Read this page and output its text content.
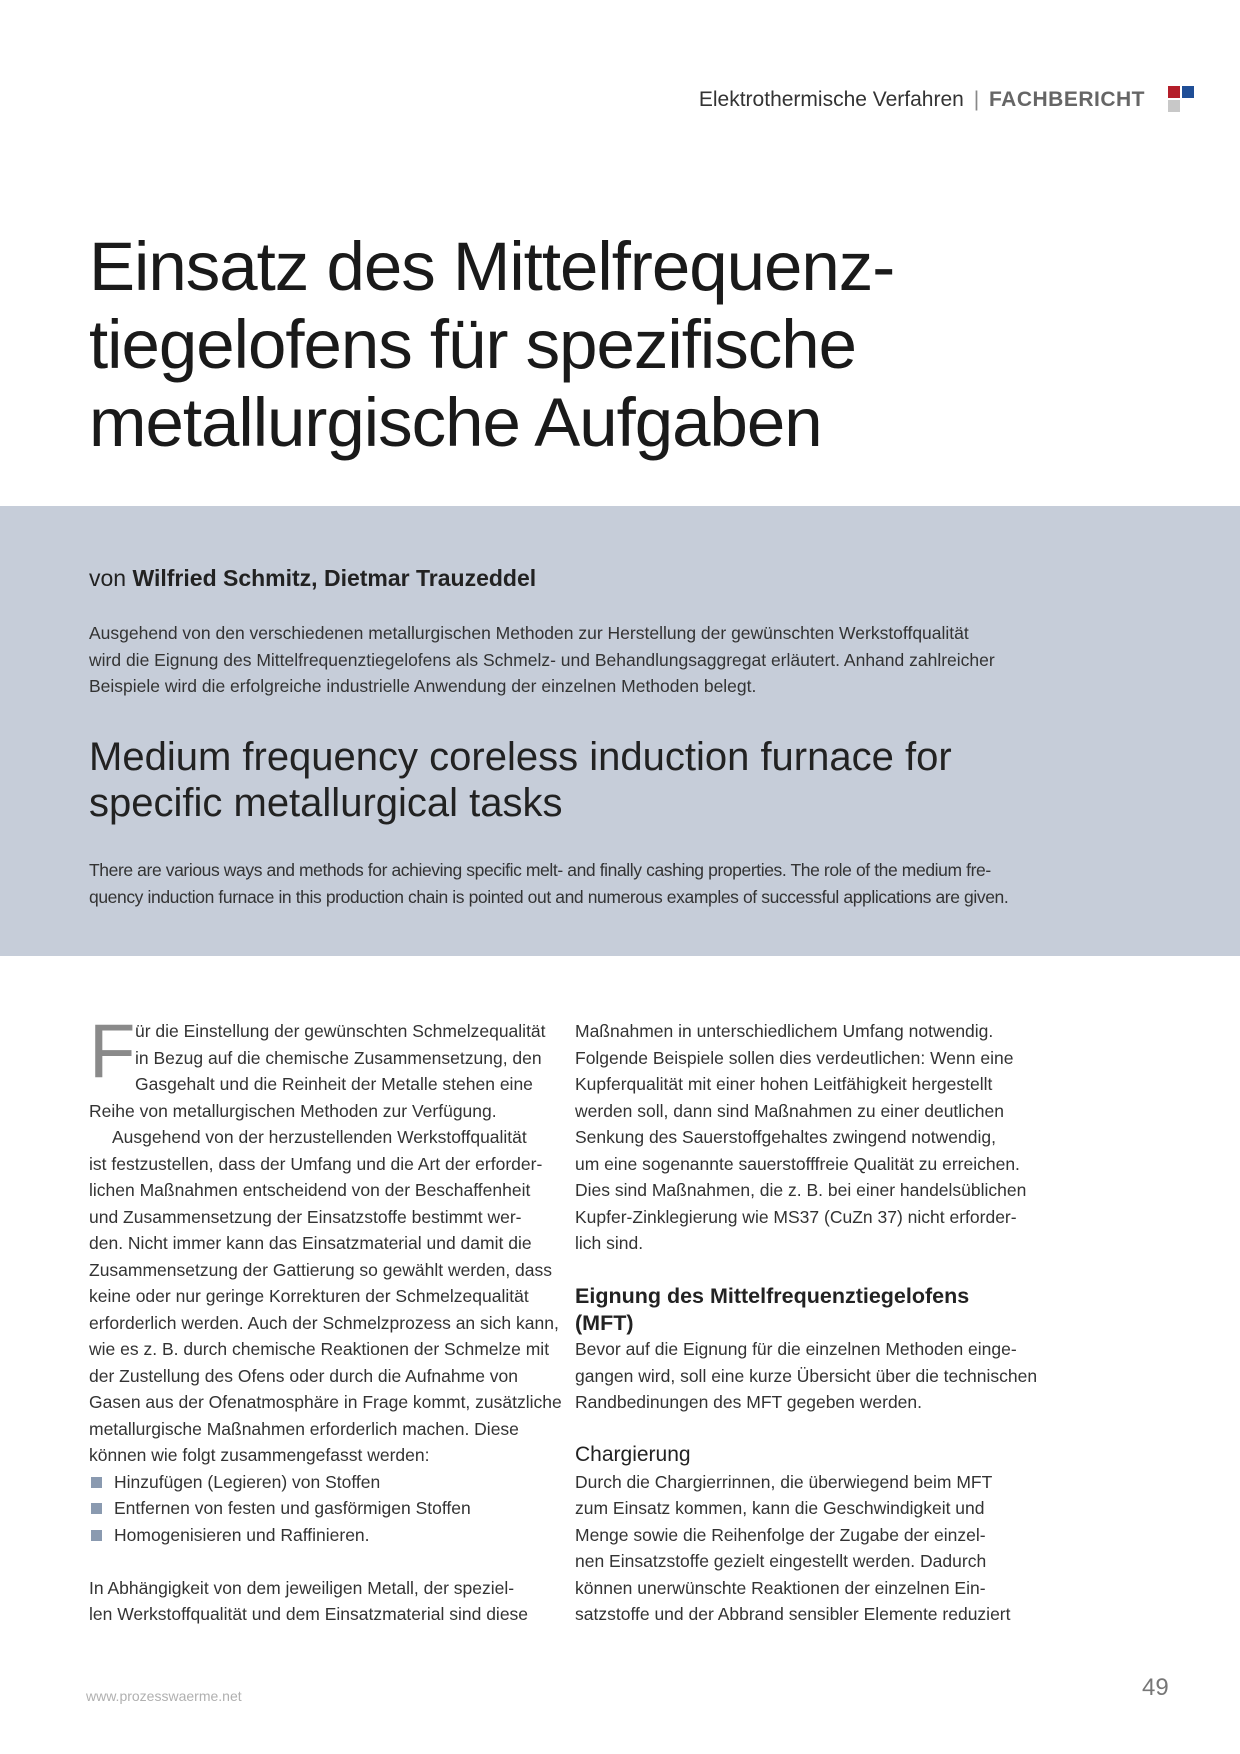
Elektrothermische Verfahren | FACHBERICHT
Einsatz des Mittelfrequenz-
tiegelofens für spezifische
metallurgische Aufgaben
von Wilfried Schmitz, Dietmar Trauzeddel

Ausgehend von den verschiedenen metallurgischen Methoden zur Herstellung der gewünschten Werkstoffqualität
wird die Eignung des Mittelfrequenztiegelofens als Schmelz- und Behandlungsaggregat erläutert. Anhand zahlreicher
Beispiele wird die erfolgreiche industrielle Anwendung der einzelnen Methoden belegt.

Medium frequency coreless induction furnace for
specific metallurgical tasks

There are various ways and methods for achieving specific melt- and finally cashing properties. The role of the medium fre-
quency induction furnace in this production chain is pointed out and numerous examples of successful applications are given.

F ür die Einstellung der gewünschten Schmelzequalität
in Bezug auf die chemische Zusammensetzung, den
Gasgehalt und die Reinheit der Metalle stehen eine
Reihe von metallurgischen Methoden zur Verfügung.
Ausgehend von der herzustellenden Werkstoffqualität
ist festzustellen, dass der Umfang und die Art der erforder-
lichen Maßnahmen entscheidend von der Beschaffenheit
und Zusammensetzung der Einsatzstoffe bestimmt wer-
den. Nicht immer kann das Einsatzmaterial und damit die
Zusammensetzung der Gattierung so gewählt werden, dass
keine oder nur geringe Korrekturen der Schmelzequalität
erforderlich werden. Auch der Schmelzprozess an sich kann,
wie es z. B. durch chemische Reaktionen der Schmelze mit
der Zustellung des Ofens oder durch die Aufnahme von
Gasen aus der Ofenatmosphäre in Frage kommt, zusätzliche
metallurgische Maßnahmen erforderlich machen. Diese
können wie folgt zusammengefasst werden:
Hinzufügen (Legieren) von Stoffen
Entfernen von festen und gasförmigen Stoffen
Homogenisieren und Raffinieren.
In Abhängigkeit von dem jeweiligen Metall, der speziel-
len Werkstoffqualität und dem Einsatzmaterial sind diese
Maßnahmen in unterschiedlichem Umfang notwendig.
Folgende Beispiele sollen dies verdeutlichen: Wenn eine
Kupferqualität mit einer hohen Leitfähigkeit hergestellt
werden soll, dann sind Maßnahmen zu einer deutlichen
Senkung des Sauerstoffgehaltes zwingend notwendig,
um eine sogenannte sauerstofffreie Qualität zu erreichen.
Dies sind Maßnahmen, die z. B. bei einer handelsüblichen
Kupfer-Zinklegierung wie MS37 (CuZn 37) nicht erforder-
lich sind.
Eignung des Mittelfrequenztiegelofens
(MFT)
Bevor auf die Eignung für die einzelnen Methoden einge-
gangen wird, soll eine kurze Übersicht über die technischen
Randbedinungen des MFT gegeben werden.
Chargierung
Durch die Chargierrinnen, die überwiegend beim MFT
zum Einsatz kommen, kann die Geschwindigkeit und
Menge sowie die Reihenfolge der Zugabe der einzel-
nen Einsatzstoffe gezielt eingestellt werden. Dadurch
können unerwünschte Reaktionen der einzelnen Ein-
satzstoffe und der Abbrand sensibler Elemente reduziert
www.prozesswaerme.net	49
